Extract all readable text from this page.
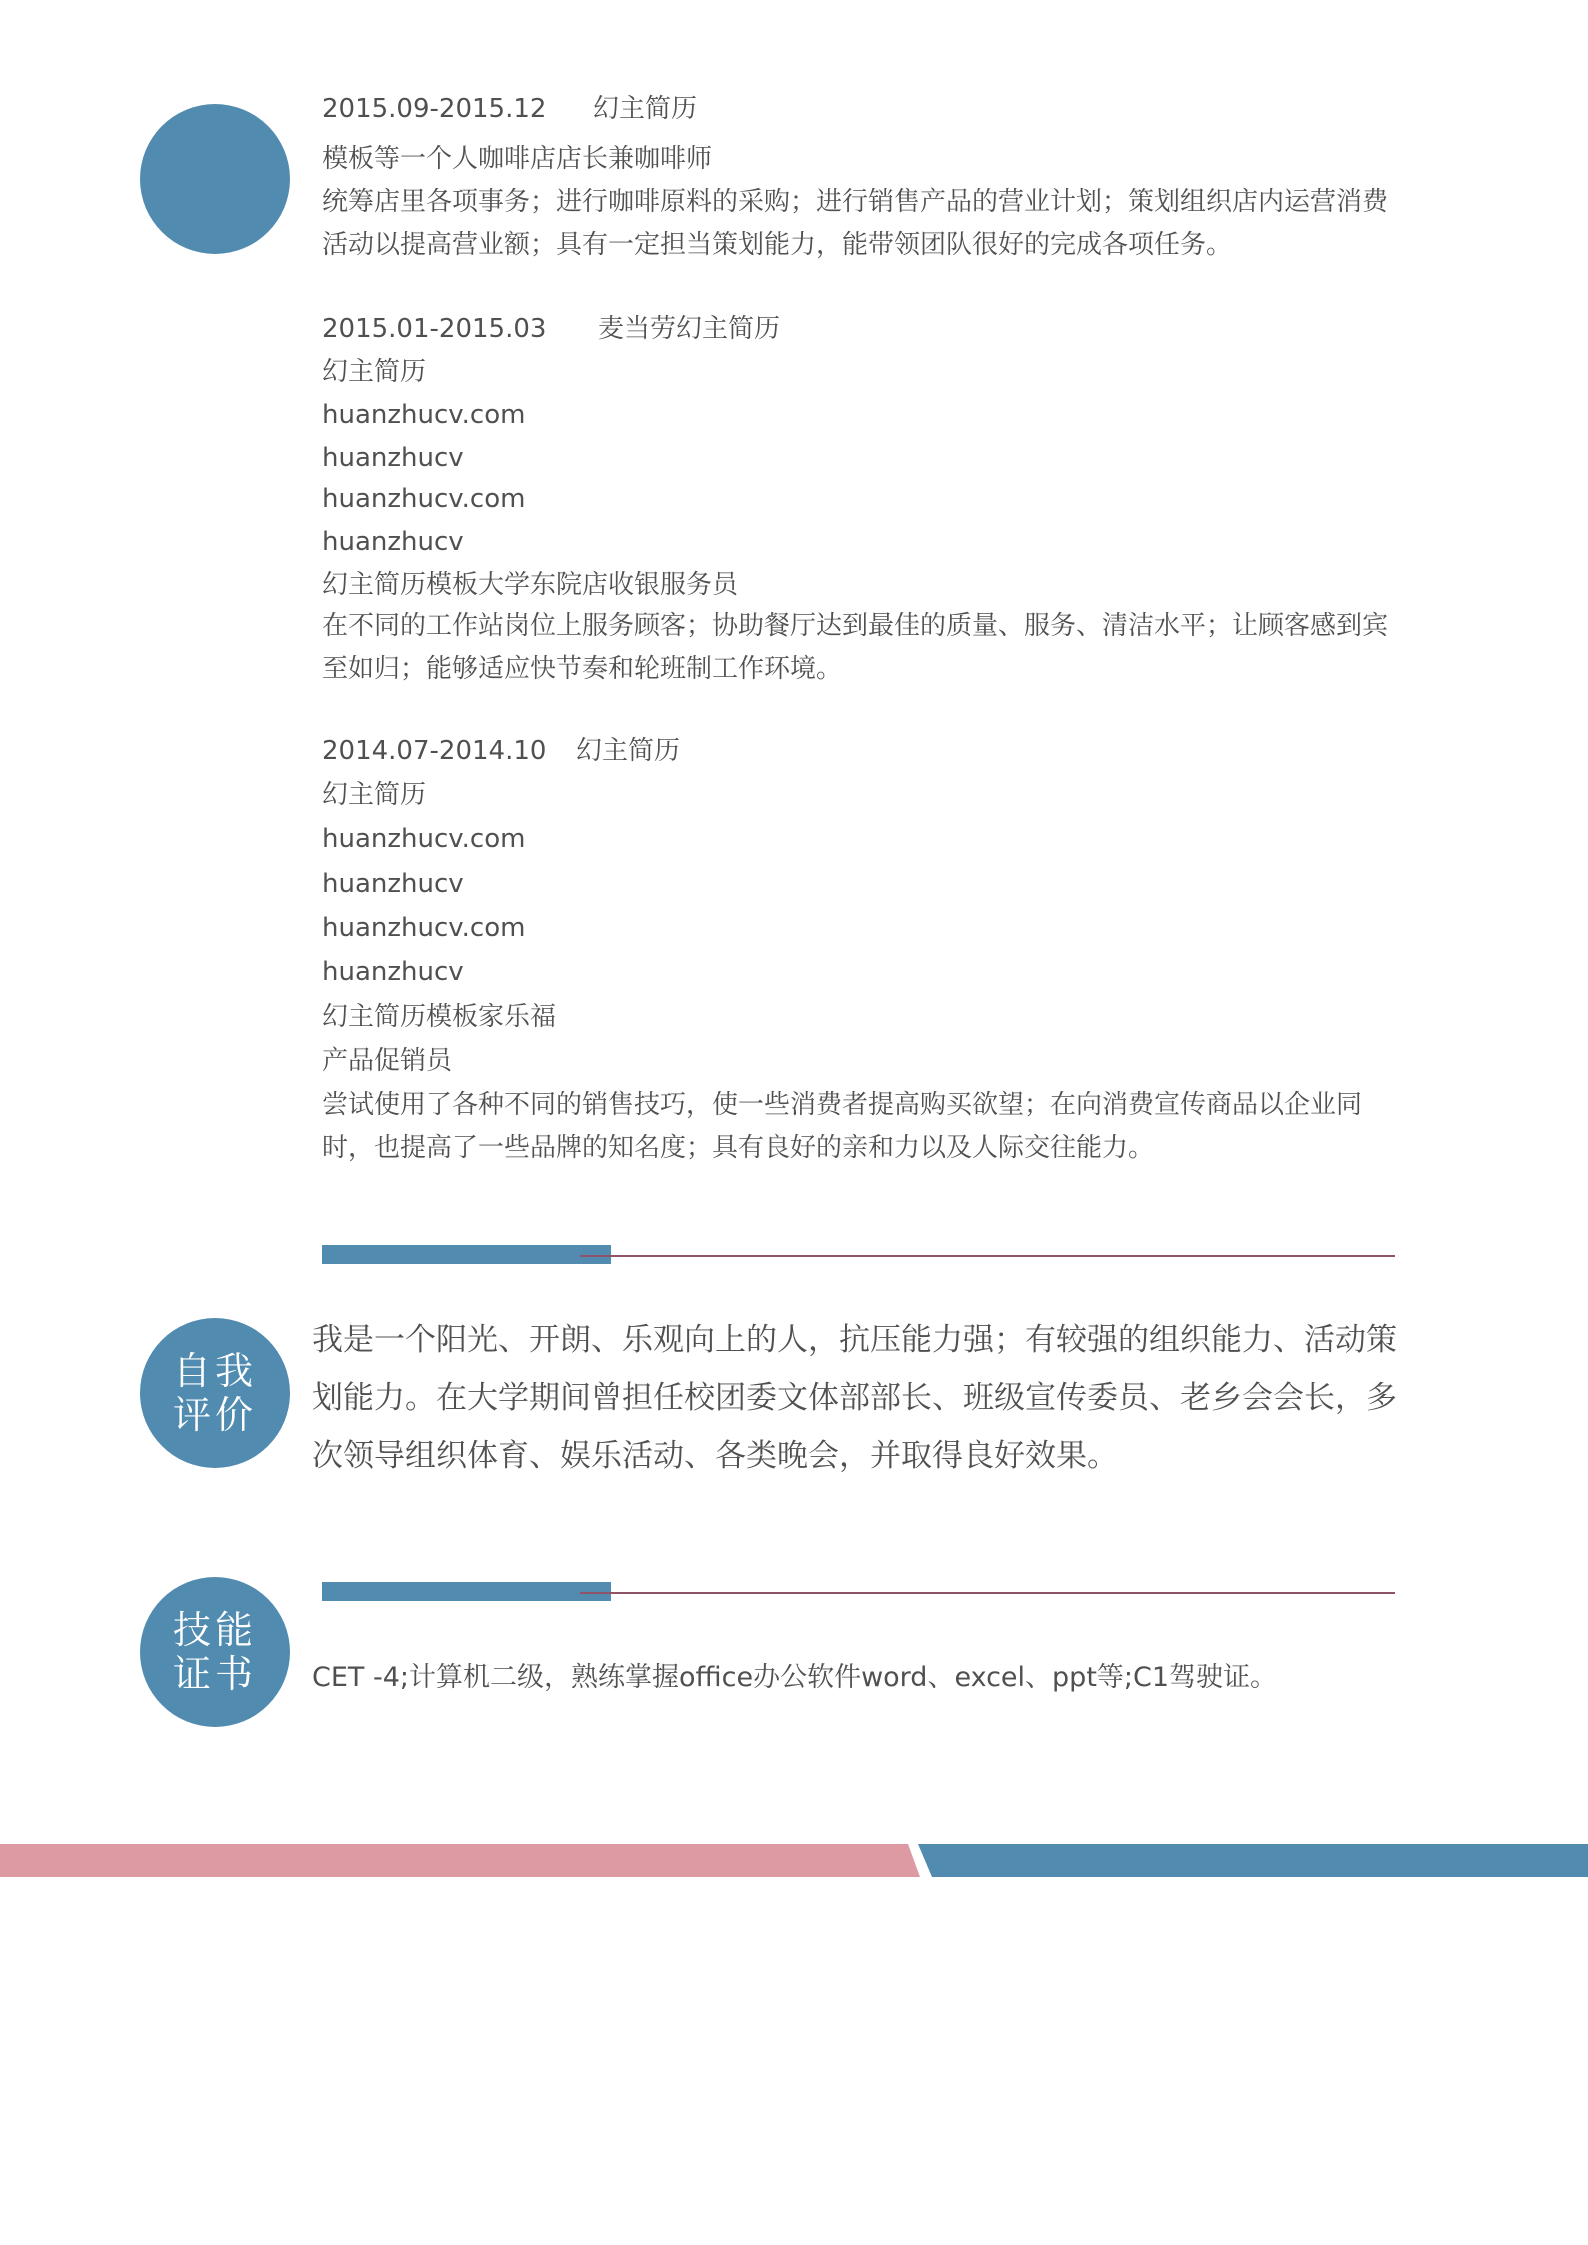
2015.09-2015.12 幻主简历
模板等一个人咖啡店店长兼咖啡师
统筹店里各项事务；进行咖啡原料的采购；进行销售产品的营业计划；策划组织店内运营消费活动以提高营业额；具有一定担当策划能力，能带领团队很好的完成各项任务。
2015.01-2015.03 麦当劳幻主简历
幻主简历
huanzhucv.com
huanzhucv
huanzhucv.com
huanzhucv
幻主简历模板大学东院店收银服务员
在不同的工作站岗位上服务顾客；协助餐厅达到最佳的质量、服务、清洁水平；让顾客感到宾至如归；能够适应快节奏和轮班制工作环境。
2014.07-2014.10 幻主简历
幻主简历
huanzhucv.com
huanzhucv
huanzhucv.com
huanzhucv
幻主简历模板家乐福
产品促销员
尝试使用了各种不同的销售技巧，使一些消费者提高购买欲望；在向消费宣传商品以企业同时，也提高了一些品牌的知名度；具有良好的亲和力以及人际交往能力。
自我
评价
我是一个阳光、开朗、乐观向上的人，抗压能力强；有较强的组织能力、活动策划能力。在大学期间曾担任校团委文体部部长、班级宣传委员、老乡会会长，多次领导组织体育、娱乐活动、各类晚会，并取得良好效果。
技能
证书 CET -4;计算机二级，熟练掌握office办公软件word、excel、ppt等;C1驾驶证。
